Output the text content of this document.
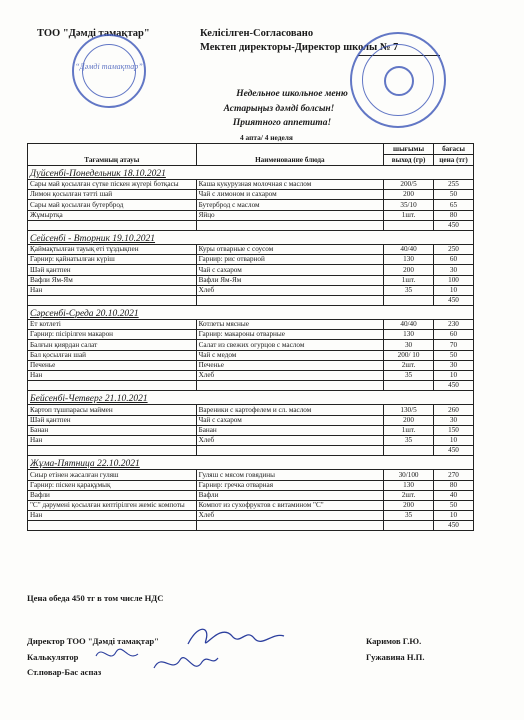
ТОО "Дәмді тамақтар"	Келісілген-Согласовано
Мектеп директоры-Директор школы № 7
“Дәмді тамақтар”
Недельное школьное меню
Астарыңыз дәмді болсын!
Приятного аппетита!
4 апта/ 4 неделя
Тағамның атауы	Наименование блюда	шығымы	бағасы
		выход (гр)	цена (тг)
Дүйсенбі-Понедельник 18.10.2021			
Сары май қосылған сүтке піскен жүгері ботқасы	Каша кукурузная молочная с маслом	200/5	255
Лимон қосылған тәтті шай	Чай с лимоном и сахаром	200	50
Сары май қосылған бутерброд	Бутерброд с маслом	35/10	65
Жұмыртқа	Яйцо	1шт.	80
			450
Сейсенбі - Вторник 19.10.2021			
Қаймақтылған тауық еті тұздықпен	Куры отварные с соусом	40/40	250
Гарнир: қайнатылған күріш	Гарнир: рис отварной	130	60
Шәй қантпен	Чай с сахаром	200	30
Вафли Ям-Ям	Вафли Ям-Ям	1шт.	100
Нан	Хлеб	35	10
			450
Сәрсенбі-Среда 20.10.2021			
Ет котлеті	Котлеты мясные	40/40	230
Гарнир: пісірілген макарон	Гарнир: макароны отварные	130	60
Балғын қиярдан салат	Салат из свежих огурцов с маслом	30	70
Бал қосылған шай	Чай с медом	200/ 10	50
Печенье	Печенье	2шт.	30
Нан	Хлеб	35	10
			450
Бейсенбі-Четверг 21.10.2021			
Картоп тұшпарасы маймен	Вареники с картофелем и сл. маслом	130/5	260
Шәй қантпен	Чай с сахаром	200	30
Банан	Банан	1шт.	150
Нан	Хлеб	35	10
			450
Жұма-Пятница 22.10.2021			
Сиыр етінен жасалған гуляш	Гуляш с мясом говядины	30/100	270
Гарнир: піскен қарақұмық	Гарнир: гречка отварная	130	80
Вафли	Вафли	2шт.	40
"С" дәрумені қосылған кептірілген жеміс компоты	Компот из сухофруктов с витамином "С"	200	50
Нан	Хлеб	35	10
			450
Цена обеда 450 тг в том числе НДС
Директор ТОО "Дәмді тамақтар"	Каримов Г.Ю.
Калькулятор	Гужавина Н.П.
Ст.повар-Бас аспаз
